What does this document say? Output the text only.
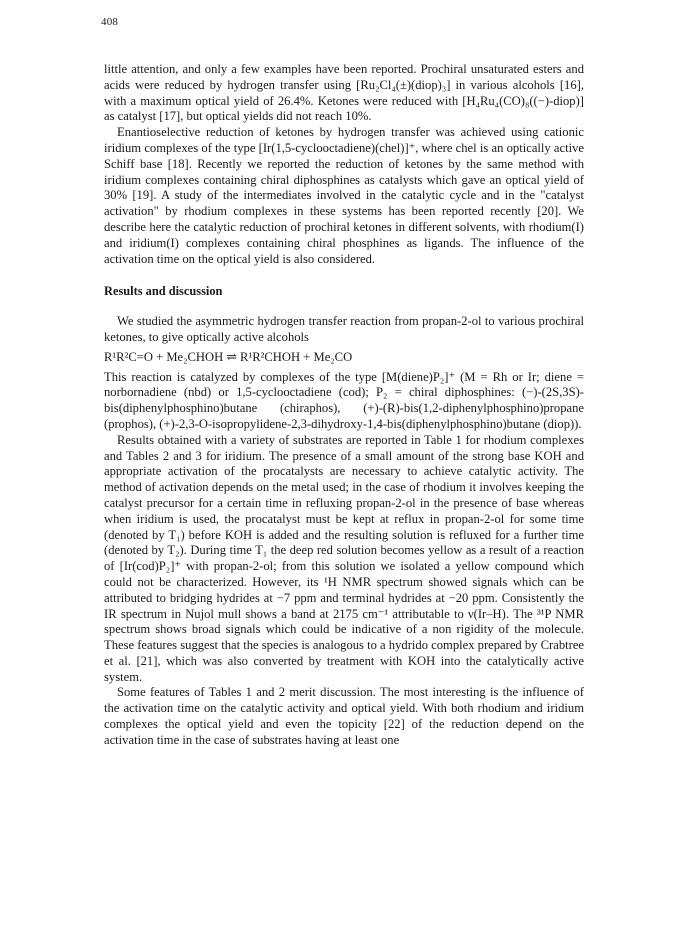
408

little attention, and only a few examples have been reported. Prochiral unsaturated esters and acids were reduced by hydrogen transfer using [Ru₂Cl₄(±)(diop)₃] in various alcohols [16], with a maximum optical yield of 26.4%. Ketones were reduced with [H₄Ru₄(CO)₈((−)-diop)] as catalyst [17], but optical yields did not reach 10%.

Enantioselective reduction of ketones by hydrogen transfer was achieved using cationic iridium complexes of the type [Ir(1,5-cyclooctadiene)(chel)]⁺, where chel is an optically active Schiff base [18]. Recently we reported the reduction of ketones by the same method with iridium complexes containing chiral diphosphines as catalysts which gave an optical yield of 30% [19]. A study of the intermediates involved in the catalytic cycle and in the "catalyst activation" by rhodium complexes in these systems has been reported recently [20]. We describe here the catalytic reduction of prochiral ketones in different solvents, with rhodium(I) and iridium(I) complexes containing chiral phosphines as ligands. The influence of the activation time on the optical yield is also considered.

Results and discussion

We studied the asymmetric hydrogen transfer reaction from propan-2-ol to various prochiral ketones, to give optically active alcohols

R¹R²C=O + Me₂CHOH ⇌ R¹R²CHOH + Me₂CO

This reaction is catalyzed by complexes of the type [M(diene)P₂]⁺ (M = Rh or Ir; diene = norbornadiene (nbd) or 1,5-cyclooctadiene (cod); P₂ = chiral diphosphines: (−)-(2S,3S)-bis(diphenylphosphino)butane (chiraphos), (+)-(R)-bis(1,2-diphenylphosphino)propane (prophos), (+)-2,3-O-isopropylidene-2,3-dihydroxy-1,4-bis(diphenylphosphino)butane (diop)).

Results obtained with a variety of substrates are reported in Table 1 for rhodium complexes and Tables 2 and 3 for iridium. The presence of a small amount of the strong base KOH and appropriate activation of the procatalysts are necessary to achieve catalytic activity. The method of activation depends on the metal used; in the case of rhodium it involves keeping the catalyst precursor for a certain time in refluxing propan-2-ol in the presence of base whereas when iridium is used, the procatalyst must be kept at reflux in propan-2-ol for some time (denoted by T₁) before KOH is added and the resulting solution is refluxed for a further time (denoted by T₂). During time T₁ the deep red solution becomes yellow as a result of a reaction of [Ir(cod)P₂]⁺ with propan-2-ol; from this solution we isolated a yellow compound which could not be characterized. However, its ¹H NMR spectrum showed signals which can be attributed to bridging hydrides at −7 ppm and terminal hydrides at −20 ppm. Consistently the IR spectrum in Nujol mull shows a band at 2175 cm⁻¹ attributable to ν(Ir–H). The ³¹P NMR spectrum shows broad signals which could be indicative of a non rigidity of the molecule. These features suggest that the species is analogous to a hydrido complex prepared by Crabtree et al. [21], which was also converted by treatment with KOH into the catalytically active system.

Some features of Tables 1 and 2 merit discussion. The most interesting is the influence of the activation time on the catalytic activity and optical yield. With both rhodium and iridium complexes the optical yield and even the topicity [22] of the reduction depend on the activation time in the case of substrates having at least one
